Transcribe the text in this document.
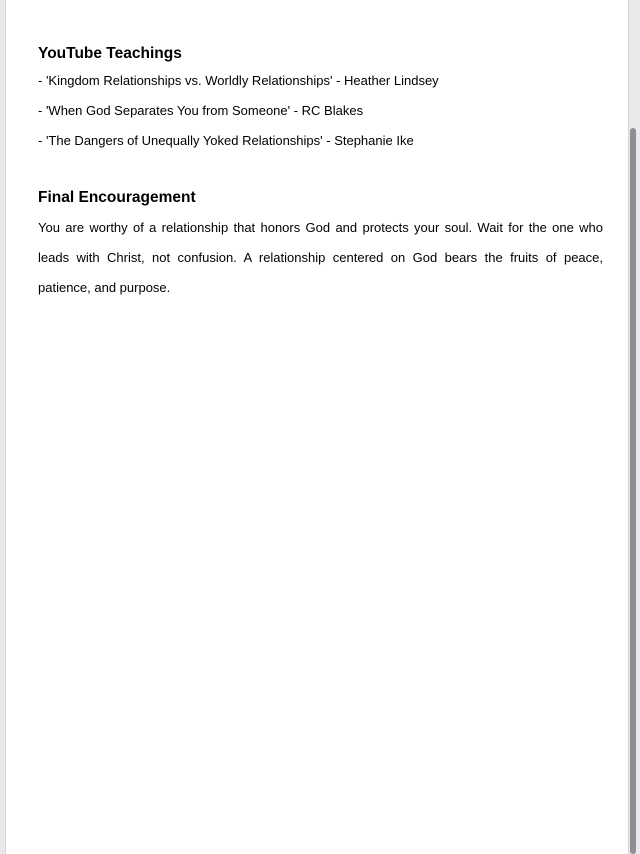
YouTube Teachings
- 'Kingdom Relationships vs. Worldly Relationships' - Heather Lindsey
- 'When God Separates You from Someone' - RC Blakes
- 'The Dangers of Unequally Yoked Relationships' - Stephanie Ike
Final Encouragement

You are worthy of a relationship that honors God and protects your soul. Wait for the one who leads with Christ, not confusion. A relationship centered on God bears the fruits of peace, patience, and purpose.
